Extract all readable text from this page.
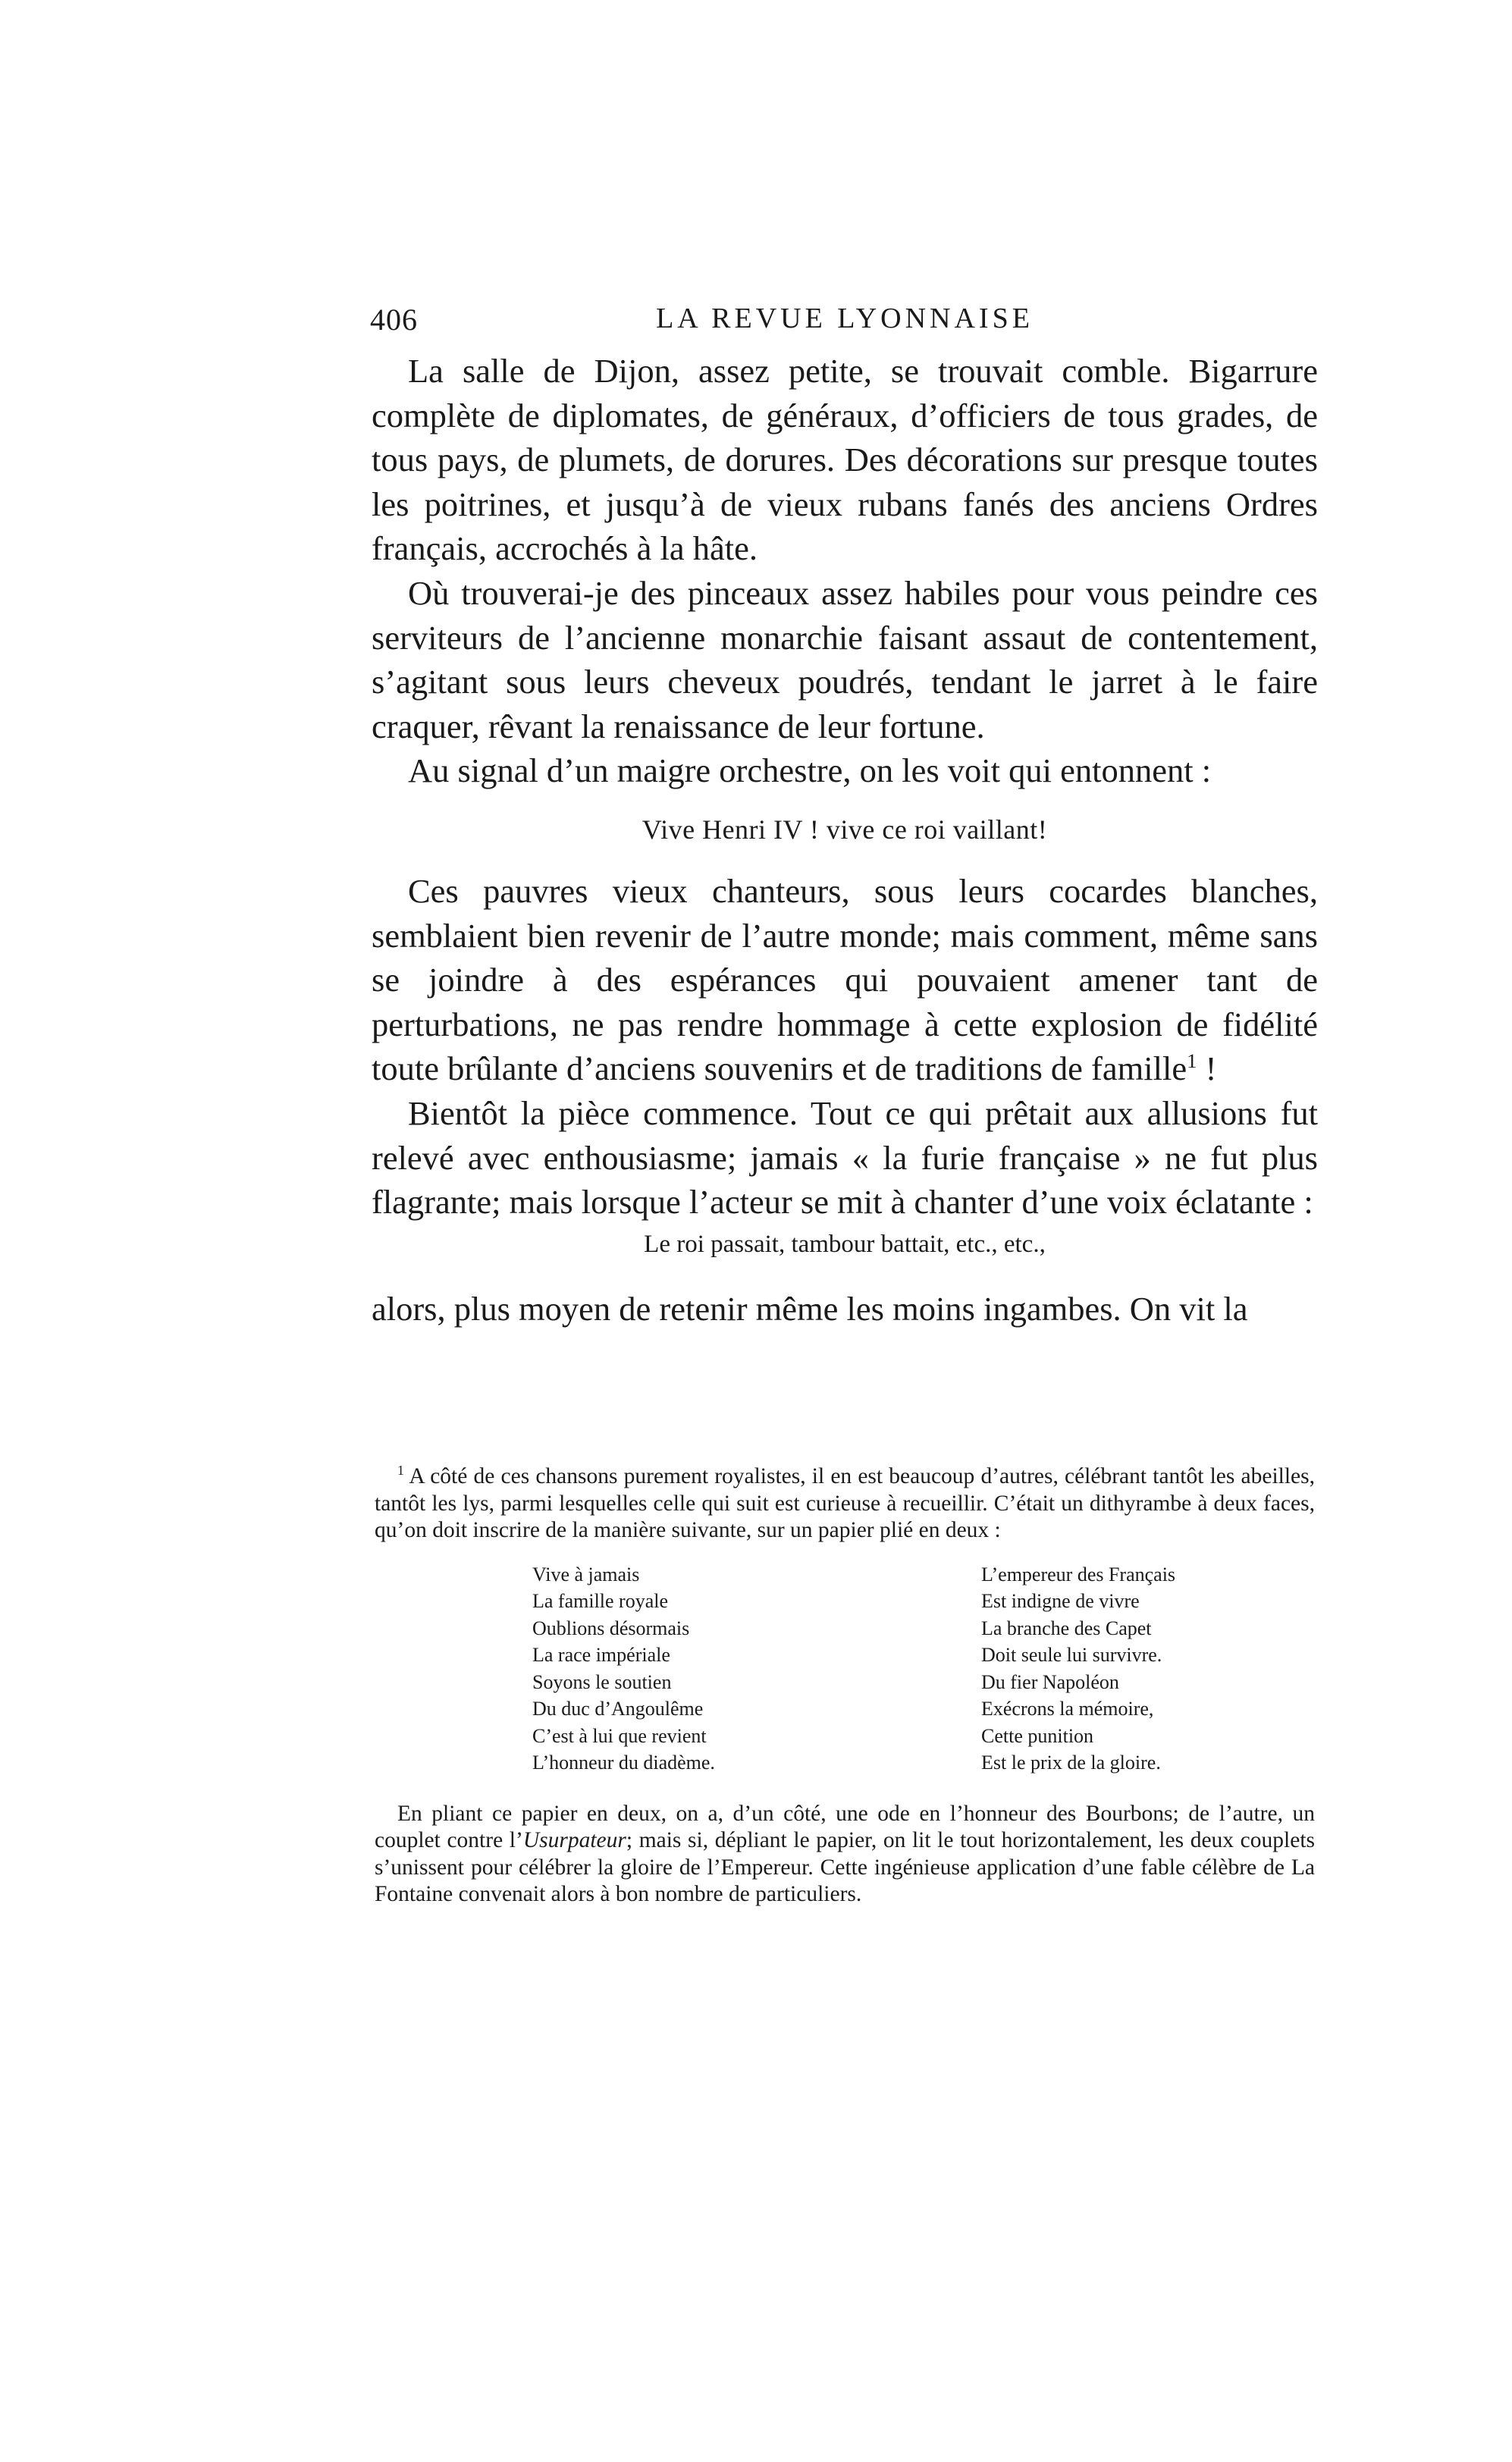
406	LA REVUE LYONNAISE

La salle de Dijon, assez petite, se trouvait comble. Bigarrure complète de diplomates, de généraux, d’officiers de tous grades, de tous pays, de plumets, de dorures. Des décorations sur presque toutes les poitrines, et jusqu’à de vieux rubans fanés des anciens Ordres français, accrochés à la hâte.

Où trouverai-je des pinceaux assez habiles pour vous peindre ces serviteurs de l’ancienne monarchie faisant assaut de contentement, s’agitant sous leurs cheveux poudrés, tendant le jarret à le faire craquer, rêvant la renaissance de leur fortune.

Au signal d’un maigre orchestre, on les voit qui entonnent :

Vive Henri IV ! vive ce roi vaillant!

Ces pauvres vieux chanteurs, sous leurs cocardes blanches, semblaient bien revenir de l’autre monde; mais comment, même sans se joindre à des espérances qui pouvaient amener tant de perturbations, ne pas rendre hommage à cette explosion de fidélité toute brûlante d’anciens souvenirs et de traditions de famille$^1$ !

Bientôt la pièce commence. Tout ce qui prêtait aux allusions fut relevé avec enthousiasme; jamais « la furie française » ne fut plus flagrante; mais lorsque l’acteur se mit à chanter d’une voix éclatante :

Le roi passait, tambour battait, etc., etc.,

alors, plus moyen de retenir même les moins ingambes. On vit la

$^1$ A côté de ces chansons purement royalistes, il en est beaucoup d’autres, célébrant tantôt les abeilles, tantôt les lys, parmi lesquelles celle qui suit est curieuse à recueillir. C’était un dithyrambe à deux faces, qu’on doit inscrire de la manière suivante, sur un papier plié en deux :

Vive à jamais
La famille royale
Oublions désormais
La race impériale
Soyons le soutien
Du duc d’Angoulême
C’est à lui que revient
L’honneur du diadème.
L’empereur des Français
Est indigne de vivre
La branche des Capet
Doit seule lui survivre.
Du fier Napoléon
Exécrons la mémoire,
Cette punition
Est le prix de la gloire.

En pliant ce papier en deux, on a, d’un côté, une ode en l’honneur des Bourbons; de l’autre, un couplet contre l’Usurpateur; mais si, dépliant le papier, on lit le tout horizontalement, les deux couplets s’unissent pour célébrer la gloire de l’Empereur. Cette ingénieuse application d’une fable célèbre de La Fontaine convenait alors à bon nombre de particuliers.
